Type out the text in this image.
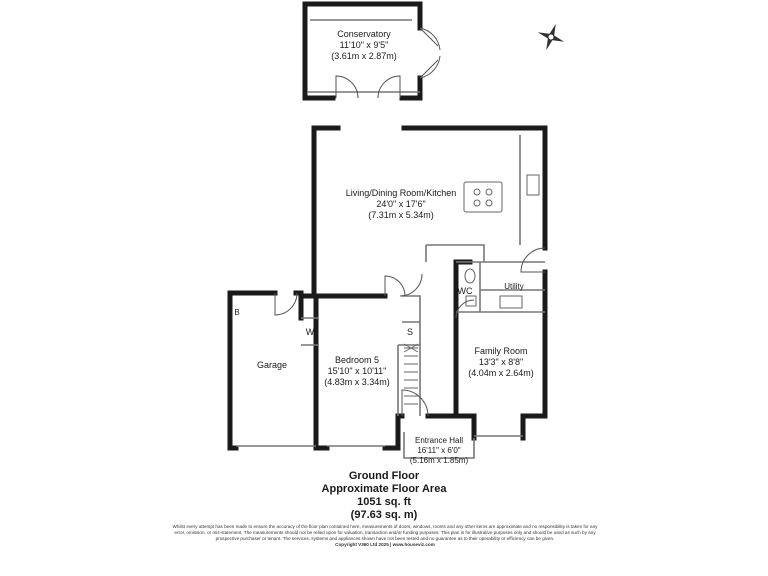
Conservatory
11'10" x 9'5"
(3.61m x 2.87m)
Living/Dining Room/Kitchen
24'0" x 17'6"
(7.31m x 5.34m)
Bedroom 5
15'10" x 10'11"
(4.83m x 3.34m)
Family Room
13'3" x 8'8"
(4.04m x 2.64m)
Entrance Hall
16'11" x 6'0"
(5.16m x 1.85m)
Garage
WC	Utility
B
W	S
Ground Floor
Approximate Floor Area
1051 sq. ft
(97.63 sq. m)
Whilst every attempt has been made to ensure the accuracy of the floor plan contained here, measurements of doors, windows, rooms and any other items are approximate and no responsibility is taken for any error, omission, or mis-statement. The measurements should not be relied upon for valuation, transaction and/or funding purposes. This plan is for illustrative purposes only and should be used as such by any prospective purchaser or tenant. The services, systems and appliances shown have not been tested and no guarantee as to their operability or efficiency can be given.
Copyright V360 Ltd 2025 | www.houseviz.com
